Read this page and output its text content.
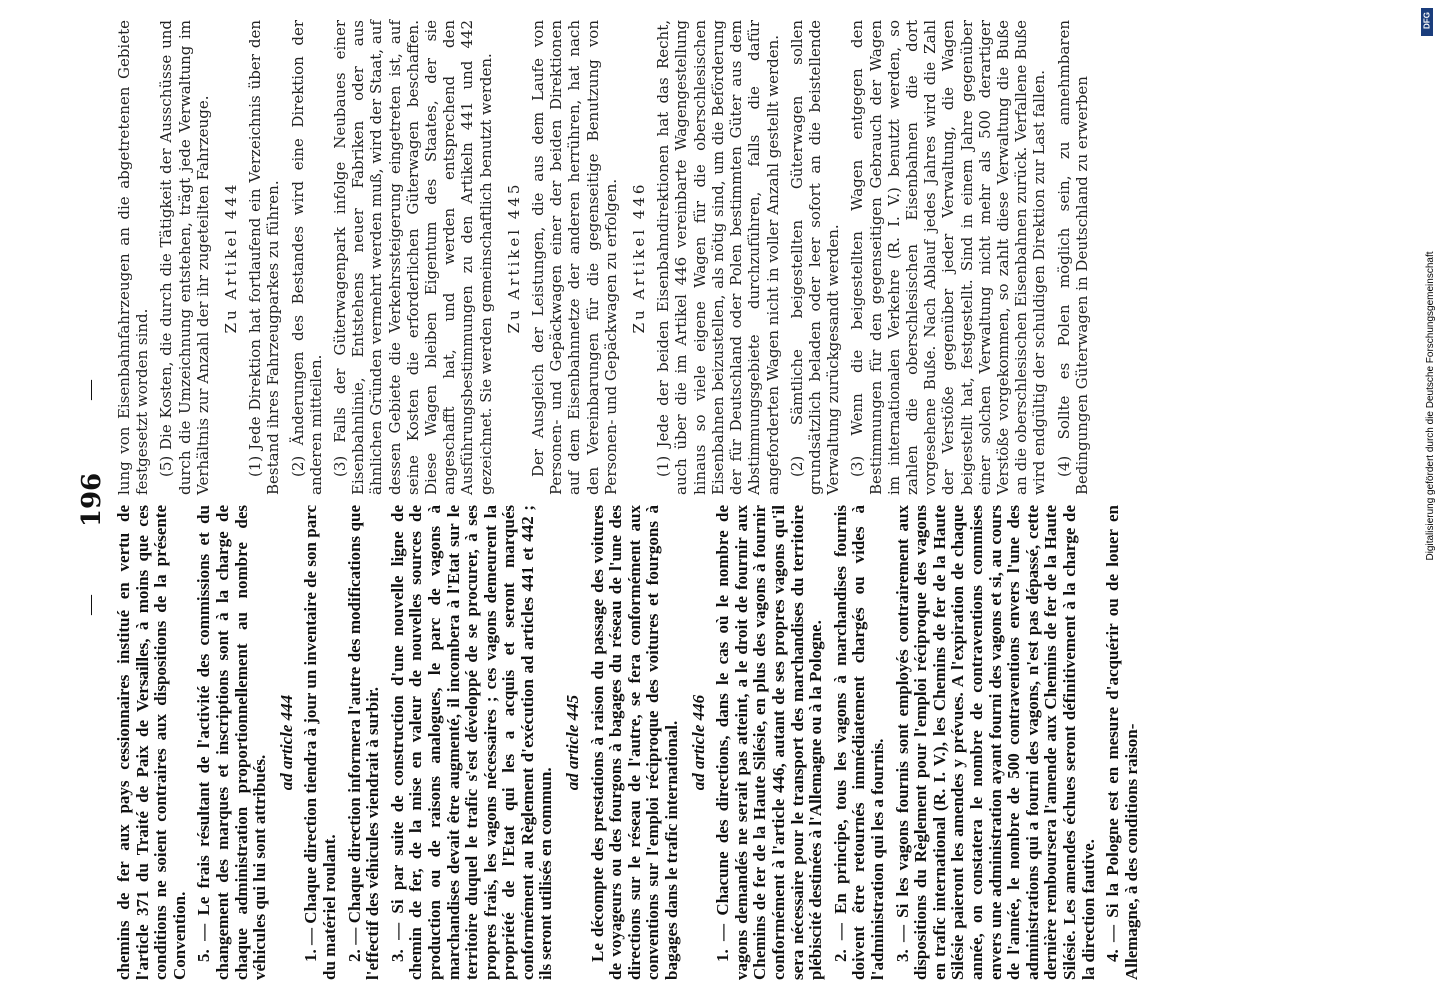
—
196
—

chemins de fer aux pays cessionnaires institué en vertu de l'article 371 du Traité de Paix de Versailles, à moins que ces conditions ne soient contraires aux dispositions de la présente Convention. 5. — Le frais résultant de l'activité des commissions et du changement des marques et inscriptions sont à la charge de chaque administration proportionnellement au nombre des véhicules qui lui sont attribués.

ad article 444 1. — Chaque direction tiendra à jour un inventaire de son parc du matériel roulant. 2. — Chaque direction informera l'autre des modifications que l'effectif des véhicules viendrait à surbir. 3. — Si par suite de construction d'une nouvelle ligne de chemin de fer, de la mise en valeur de nouvelles sources de production ou de raisons analogues, le parc de vagons à marchandises devait être augmenté, il incombera à l'Etat sur le territoire duquel le trafic s'est développé de se procurer, à ses propres frais, les vagons nécessaires ; ces vagons demeurent la propriété de l'Etat qui les a acquis et seront marqués conformément au Règlement d'exécution ad articles 441 et 442 ; ils seront utilisés en commun.

ad article 445 Le décompte des prestations à raison du passage des voitures de voyageurs ou des fourgons à bagages du réseau de l'une des directions sur le réseau de l'autre, se fera conformément aux conventions sur l'emploi réciproque des voitures et fourgons à bagages dans le trafic international. ad article 446 1. — Chacune des directions, dans le cas où le nombre de vagons demandés ne serait pas atteint, a le droit de fournir aux Chemins de fer de la Haute Silésie, en plus des vagons à fournir conformément à l'article 446, autant de ses propres vagons qu'il sera nécessaire pour le transport des marchandises du territoire plébiscité destinées à l'Allemagne ou à la Pologne. 2. — En principe, tous les vagons à marchandises fournis doivent être retournés immédiatement chargés ou vides à l'administration qui les a fournis. 3. — Si les vagons fournis sont employés contrairement aux dispositions du Règlement pour l'emploi réciproque des vagons en trafic international (R. I. V.), les Chemins de fer de la Haute Silésie paieront les amendes y prévues. A l'expiration de chaque année, on constatera le nombre de contraventions commises envers une administration ayant fourni des vagons et si, au cours de l'année, le nombre de 500 contraventions envers l'une des administrations qui a fourni des vagons, n'est pas dépassé, cette dernière remboursera l'amende aux Chemins de fer de la Haute Silésie. Les amendes échues seront définitivement à la charge de la direction fautive. 4. — Si la Pologne est en mesure d'acquérir ou de louer en Allemagne, à des conditions raison-

lung von Eisenbahnfahrzeugen an die abgetretenen Gebiete festgesetzt worden sind. (5) Die Kosten, die durch die Tätigkeit der Ausschüsse und durch die Umzeichnung entstehen, trägt jede Verwaltung im Verhältnis zur Anzahl der ihr zugeteilten Fahrzeuge. Zu Artikel 444 (1) Jede Direktion hat fortlaufend ein Verzeichnis über den Bestand ihres Fahrzeugparkes zu führen. (2) Änderungen des Bestandes wird eine Direktion der anderen mitteilen. (3) Falls der Güterwagenpark infolge Neubaues einer Eisenbahnlinie, Entstehens neuer Fabriken oder aus ähnlichen Gründen vermehrt werden muß, wird der Staat, auf dessen Gebiete die Verkehrssteigerung eingetreten ist, auf seine Kosten die erforderlichen Güterwagen beschaffen. Diese Wagen bleiben Eigentum des Staates, der sie angeschafft hat, und werden entsprechend den Ausführungsbestimmungen zu den Artikeln 441 und 442 gezeichnet. Sie werden gemeinschaftlich benutzt werden. Zu Artikel 445 Der Ausgleich der Leistungen, die aus dem Laufe von Personen- und Gepäckwagen einer der beiden Direktionen auf dem Eisenbahnnetze der anderen herrühren, hat nach den Vereinbarungen für die gegenseitige Benutzung von Personen- und Gepäckwagen zu erfolgen. Zu Artikel 446 (1) Jede der beiden Eisenbahndirektionen hat das Recht, auch über die im Artikel 446 vereinbarte Wagengestellung hinaus so viele eigene Wagen für die oberschlesischen Eisenbahnen beizustellen, als nötig sind, um die Beförderung der für Deutschland oder Polen bestimmten Güter aus dem Abstimmungsgebiete durchzuführen, falls die dafür angeforderten Wagen nicht in voller Anzahl gestellt werden. (2) Sämtliche beigestellten Güterwagen sollen grundsätzlich beladen oder leer sofort an die beistellende Verwaltung zurückgesandt werden. (3) Wenn die beigestellten Wagen entgegen den Bestimmungen für den gegenseitigen Gebrauch der Wagen im internationalen Verkehre (R. I. V.) benutzt werden, so zahlen die oberschlesischen Eisenbahnen die dort vorgesehene Buße. Nach Ablauf jedes Jahres wird die Zahl der Verstöße gegenüber jeder Verwaltung, die Wagen beigestellt hat, festgestellt. Sind in einem Jahre gegenüber einer solchen Verwaltung nicht mehr als 500 derartiger Verstöße vorgekommen, so zahlt diese Verwaltung die Buße an die oberschlesischen Eisenbahnen zurück. Verfallene Buße wird endgültig der schuldigen Direktion zur Last fallen. (4) Sollte es Polen möglich sein, zu annehmbaren Bedingungen Güterwagen in Deutschland zu erwerben

DFG
Digitalisierung gefördert durch die Deutsche Forschungsgemeinschaft
